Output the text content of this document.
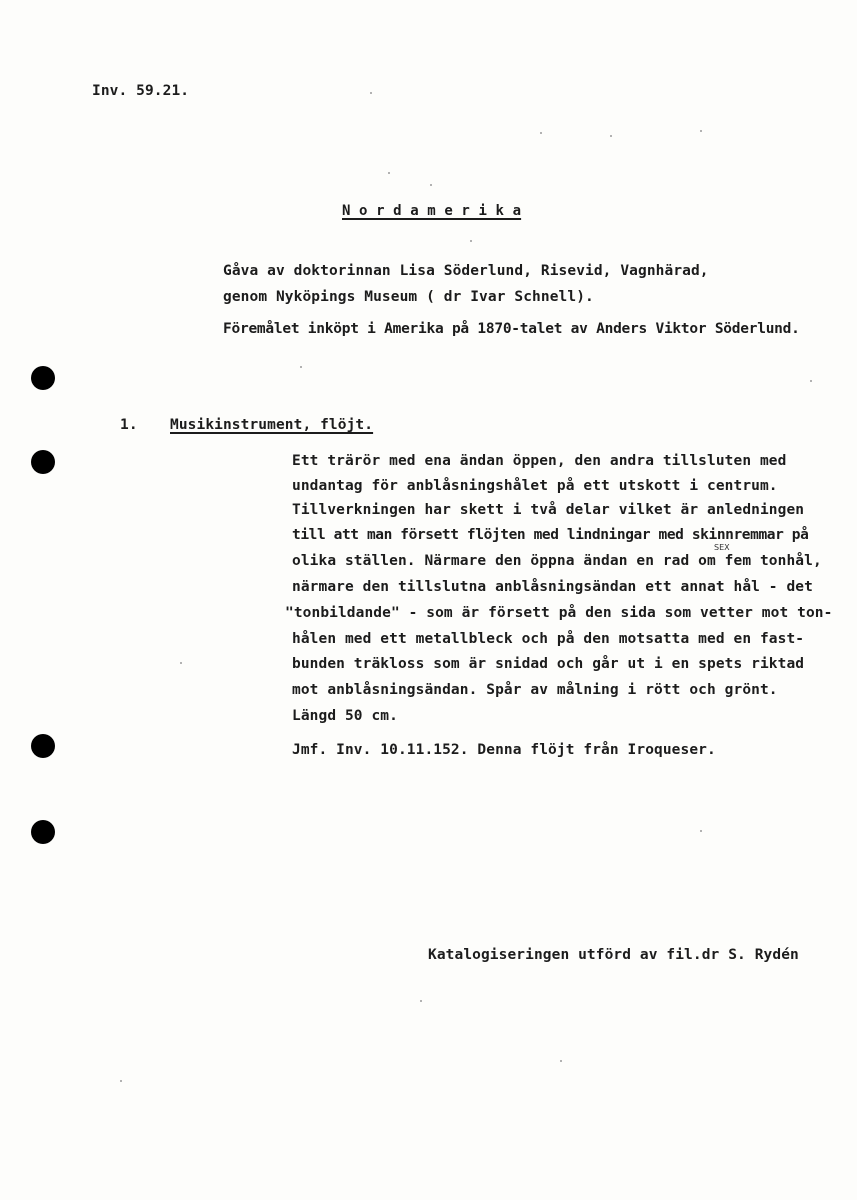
Inv. 59.21.
N o r d a m e r i k a
Gåva av doktorinnan Lisa Söderlund, Risevid, Vagnhärad,
genom Nyköpings Museum ( dr Ivar Schnell).
Föremålet inköpt i Amerika på 1870-talet av Anders Viktor Söderlund.
1. Musikinstrument, flöjt.
Ett trärör med ena ändan öppen, den andra tillsluten med
undantag för anblåsningshålet på ett utskott i centrum.
Tillverkningen har skett i två delar vilket är anledningen
till att man försett flöjten med lindningar med skinnremmar på
SEX
olika ställen. Närmare den öppna ändan en rad om fem tonhål,
närmare den tillslutna anblåsningsändan ett annat hål - det
"tonbildande" - som är försett på den sida som vetter mot ton-
hålen med ett metallbleck och på den motsatta med en fast-
bunden träkloss som är snidad och går ut i en spets riktad
mot anblåsningsändan. Spår av målning i rött och grönt.
Längd 50 cm.
Jmf. Inv. 10.11.152. Denna flöjt från Iroqueser.
Katalogiseringen utförd av fil.dr S. Rydén
